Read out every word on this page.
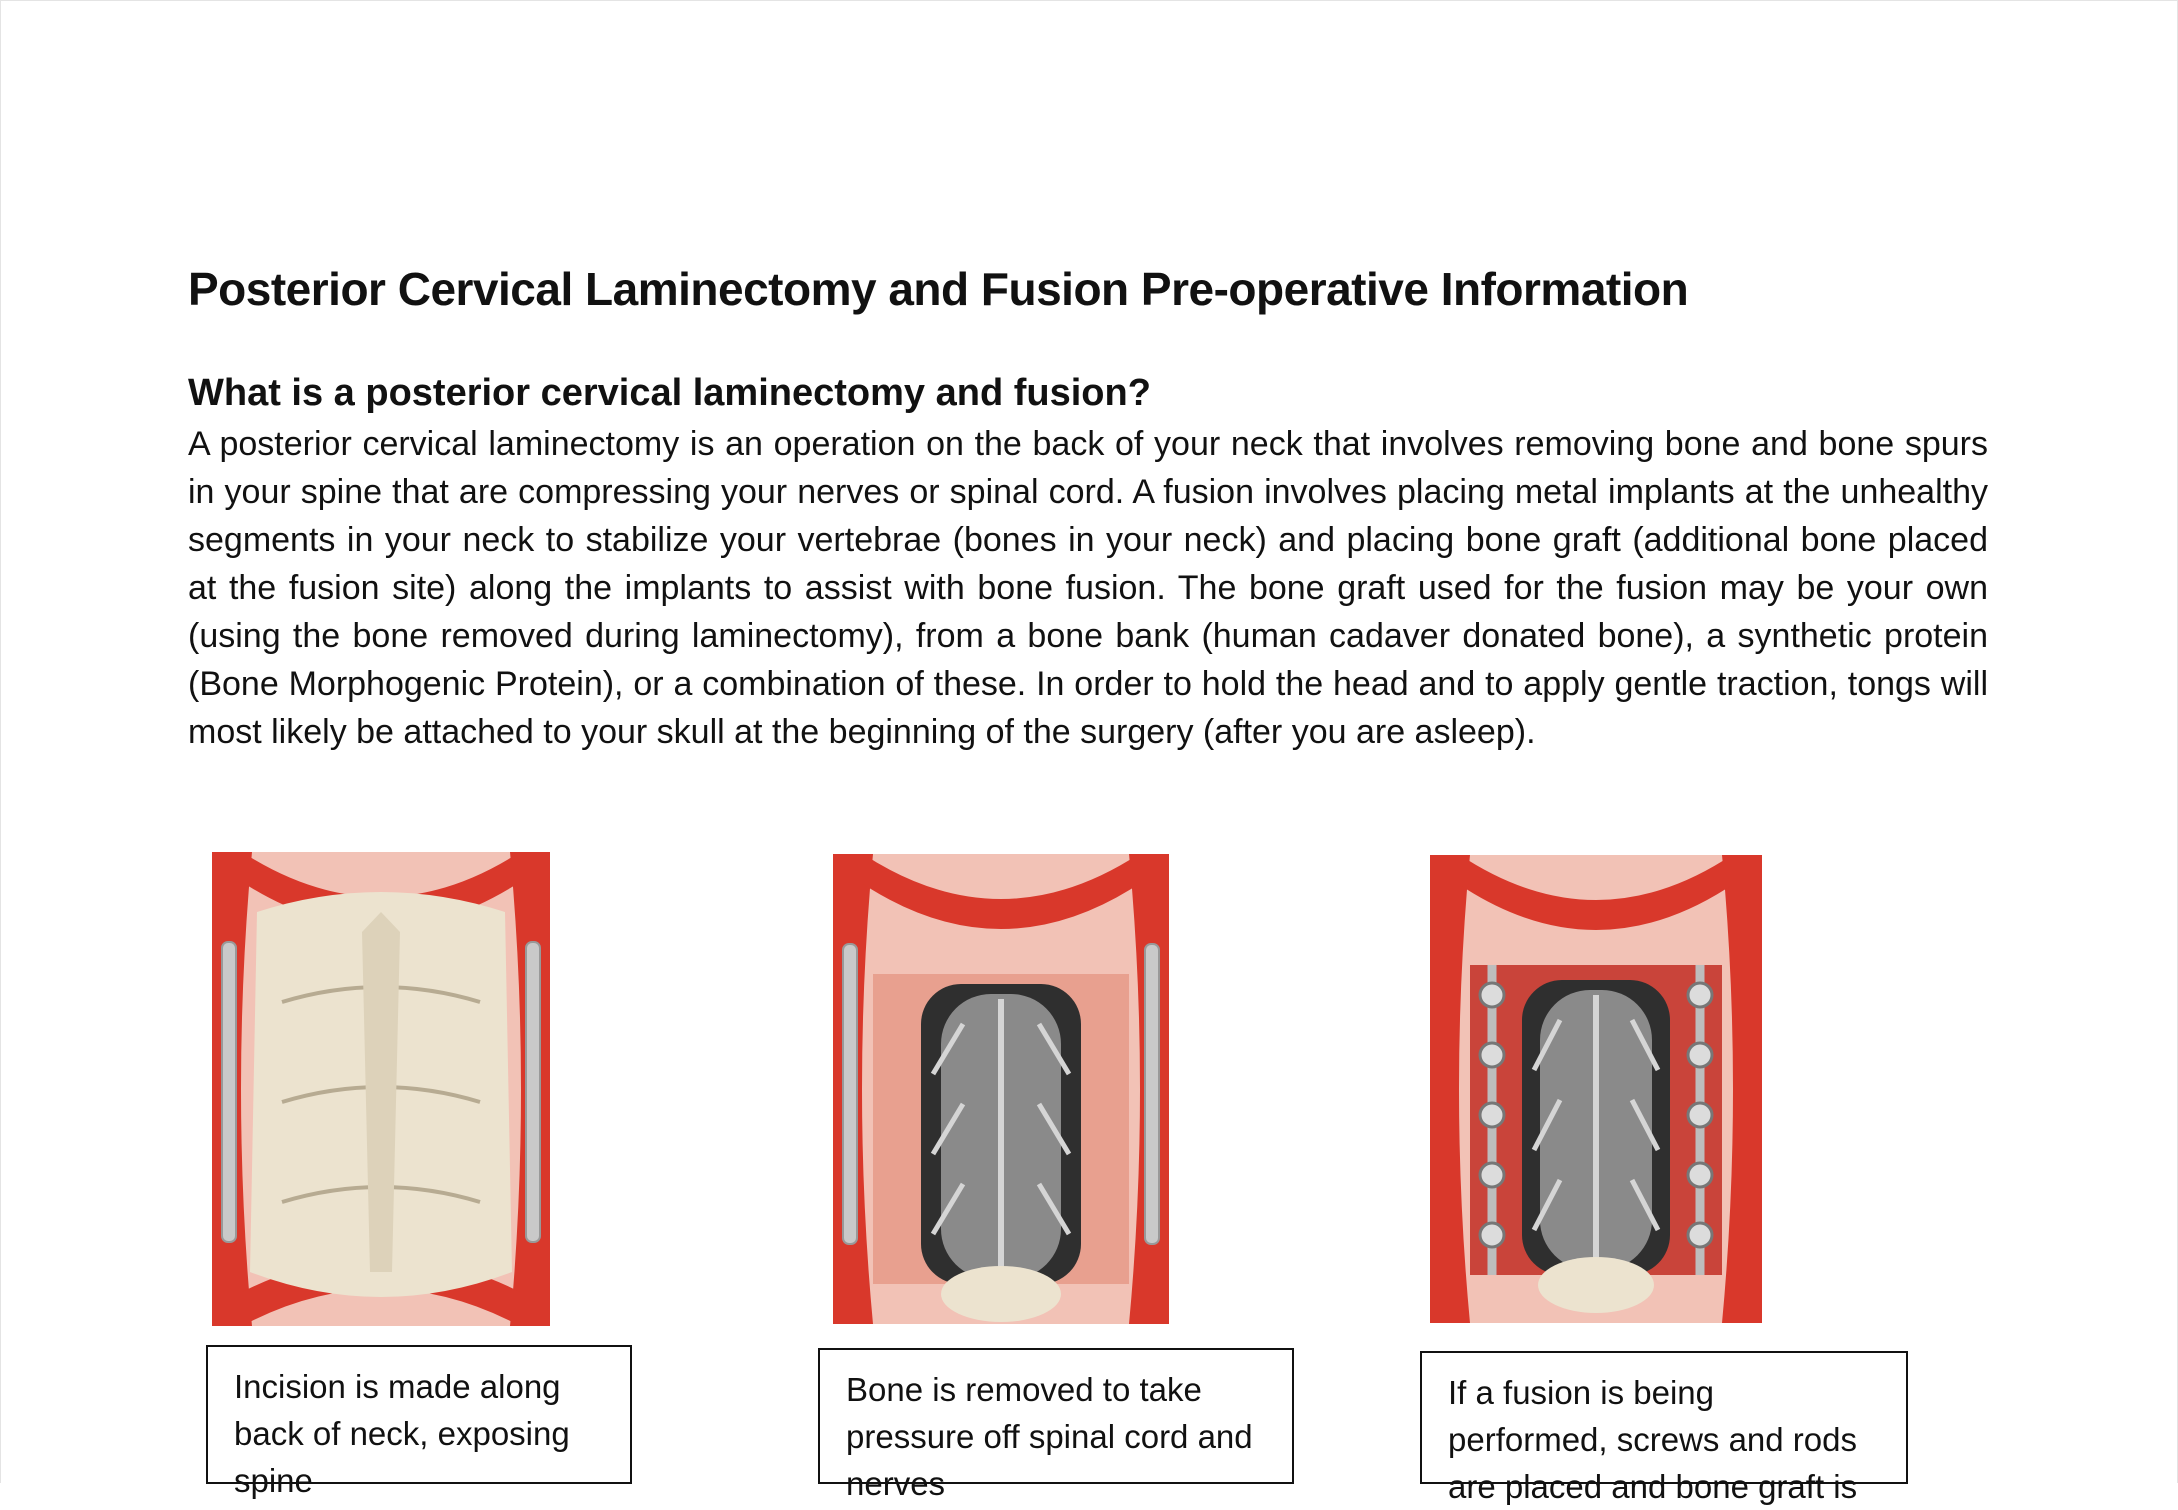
Posterior Cervical Laminectomy and Fusion Pre-operative Information
What is a posterior cervical laminectomy and fusion?

A posterior cervical laminectomy is an operation on the back of your neck that involves removing bone and bone spurs in your spine that are compressing your nerves or spinal cord. A fusion involves placing metal implants at the unhealthy segments in your neck to stabilize your vertebrae (bones in your neck) and placing bone graft (additional bone placed at the fusion site) along the implants to assist with bone fusion. The bone graft used for the fusion may be your own (using the bone removed during laminectomy), from a bone bank (human cadaver donated bone), a synthetic protein (Bone Morphogenic Protein), or a combination of these. In order to hold the head and to apply gentle traction, tongs will most likely be attached to your skull at the beginning of the surgery (after you are asleep).

Incision is made along back of neck, exposing spine
Bone is removed to take pressure off spinal cord and nerves
If a fusion is being performed, screws and rods are placed and bone graft is
